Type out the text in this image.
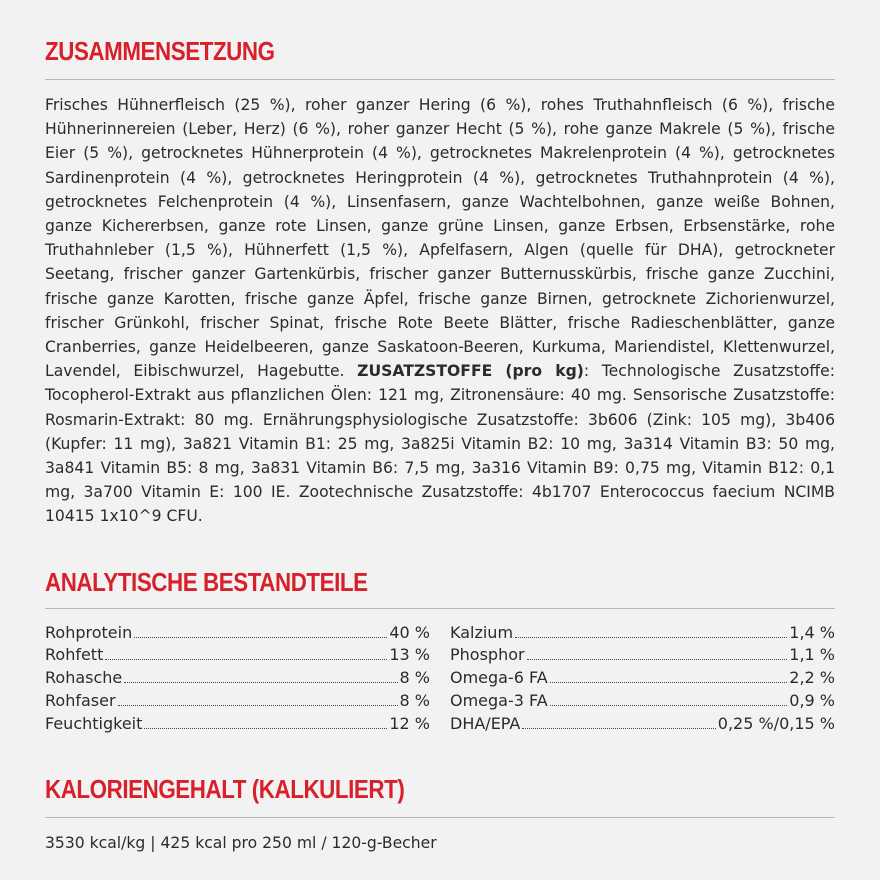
ZUSAMMENSETZUNG

Frisches Hühnerfleisch (25 %), roher ganzer Hering (6 %), rohes Truthahnfleisch (6 %), frische Hühnerinnereien (Leber, Herz) (6 %), roher ganzer Hecht (5 %), rohe ganze Makrele (5 %), frische Eier (5 %), getrocknetes Hühnerprotein (4 %), getrocknetes Makrelenprotein (4 %), getrocknetes Sardinenprotein (4 %), getrocknetes Heringprotein (4 %), getrocknetes Truthahnprotein (4 %), getrocknetes Felchenprotein (4 %), Linsenfasern, ganze Wachtelbohnen, ganze weiße Bohnen, ganze Kichererbsen, ganze rote Linsen, ganze grüne Linsen, ganze Erbsen, Erbsenstärke, rohe Truthahnleber (1,5 %), Hühnerfett (1,5 %), Apfelfasern, Algen (quelle für DHA), getrockneter Seetang, frischer ganzer Gartenkürbis, frischer ganzer Butternusskürbis, frische ganze Zucchini, frische ganze Karotten, frische ganze Äpfel, frische ganze Birnen, getrocknete Zichorienwurzel, frischer Grünkohl, frischer Spinat, frische Rote Beete Blätter, frische Radieschenblätter, ganze Cranberries, ganze Heidelbeeren, ganze Saskatoon-Beeren, Kurkuma, Mariendistel, Klettenwurzel, Lavendel, Eibischwurzel, Hagebutte. ZUSATZSTOFFE (pro kg): Technologische Zusatzstoffe: Tocopherol-Extrakt aus pflanzlichen Ölen: 121 mg, Zitronensäure: 40 mg. Sensorische Zusatzstoffe: Rosmarin-Extrakt: 80 mg. Ernährungsphysiologische Zusatzstoffe: 3b606 (Zink: 105 mg), 3b406 (Kupfer: 11 mg), 3a821 Vitamin B1: 25 mg, 3a825i Vitamin B2: 10 mg, 3a314 Vitamin B3: 50 mg, 3a841 Vitamin B5: 8 mg, 3a831 Vitamin B6: 7,5 mg, 3a316 Vitamin B9: 0,75 mg, Vitamin B12: 0,1 mg, 3a700 Vitamin E: 100 IE. Zootechnische Zusatzstoffe: 4b1707 Enterococcus faecium NCIMB 10415 1x10^9 CFU.

ANALYTISCHE BESTANDTEILE
Rohprotein	40 %
Rohfett	13 %
Rohasche	8 %
Rohfaser	8 %
Feuchtigkeit	12 %
Kalzium	1,4 %
Phosphor	1,1 %
Omega-6 FA	2,2 %
Omega-3 FA	0,9 %
DHA/EPA	0,25 %/0,15 %
KALORIENGEHALT (KALKULIERT)

3530 kcal/kg | 425 kcal pro 250 ml / 120-g-Becher
